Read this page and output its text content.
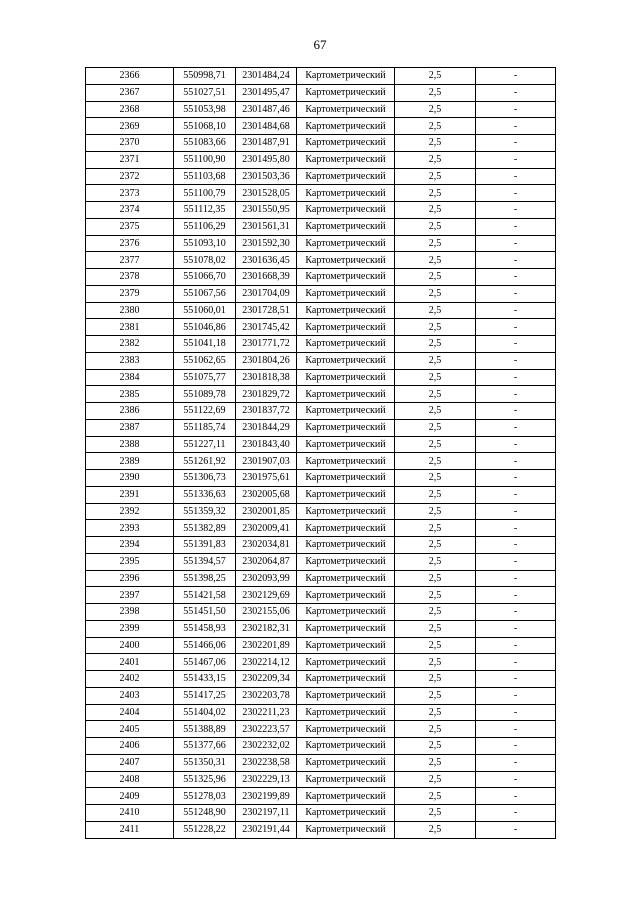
67
2366	550998,71	2301484,24	Картометрический	2,5	-
2367	551027,51	2301495,47	Картометрический	2,5	-
2368	551053,98	2301487,46	Картометрический	2,5	-
2369	551068,10	2301484,68	Картометрический	2,5	-
2370	551083,66	2301487,91	Картометрический	2,5	-
2371	551100,90	2301495,80	Картометрический	2,5	-
2372	551103,68	2301503,36	Картометрический	2,5	-
2373	551100,79	2301528,05	Картометрический	2,5	-
2374	551112,35	2301550,95	Картометрический	2,5	-
2375	551106,29	2301561,31	Картометрический	2,5	-
2376	551093,10	2301592,30	Картометрический	2,5	-
2377	551078,02	2301636,45	Картометрический	2,5	-
2378	551066,70	2301668,39	Картометрический	2,5	-
2379	551067,56	2301704,09	Картометрический	2,5	-
2380	551060,01	2301728,51	Картометрический	2,5	-
2381	551046,86	2301745,42	Картометрический	2,5	-
2382	551041,18	2301771,72	Картометрический	2,5	-
2383	551062,65	2301804,26	Картометрический	2,5	-
2384	551075,77	2301818,38	Картометрический	2,5	-
2385	551089,78	2301829,72	Картометрический	2,5	-
2386	551122,69	2301837,72	Картометрический	2,5	-
2387	551185,74	2301844,29	Картометрический	2,5	-
2388	551227,11	2301843,40	Картометрический	2,5	-
2389	551261,92	2301907,03	Картометрический	2,5	-
2390	551306,73	2301975,61	Картометрический	2,5	-
2391	551336,63	2302005,68	Картометрический	2,5	-
2392	551359,32	2302001,85	Картометрический	2,5	-
2393	551382,89	2302009,41	Картометрический	2,5	-
2394	551391,83	2302034,81	Картометрический	2,5	-
2395	551394,57	2302064,87	Картометрический	2,5	-
2396	551398,25	2302093,99	Картометрический	2,5	-
2397	551421,58	2302129,69	Картометрический	2,5	-
2398	551451,50	2302155,06	Картометрический	2,5	-
2399	551458,93	2302182,31	Картометрический	2,5	-
2400	551466,06	2302201,89	Картометрический	2,5	-
2401	551467,06	2302214,12	Картометрический	2,5	-
2402	551433,15	2302209,34	Картометрический	2,5	-
2403	551417,25	2302203,78	Картометрический	2,5	-
2404	551404,02	2302211,23	Картометрический	2,5	-
2405	551388,89	2302223,57	Картометрический	2,5	-
2406	551377,66	2302232,02	Картометрический	2,5	-
2407	551350,31	2302238,58	Картометрический	2,5	-
2408	551325,96	2302229,13	Картометрический	2,5	-
2409	551278,03	2302199,89	Картометрический	2,5	-
2410	551248,90	2302197,11	Картометрический	2,5	-
2411	551228,22	2302191,44	Картометрический	2,5	-
